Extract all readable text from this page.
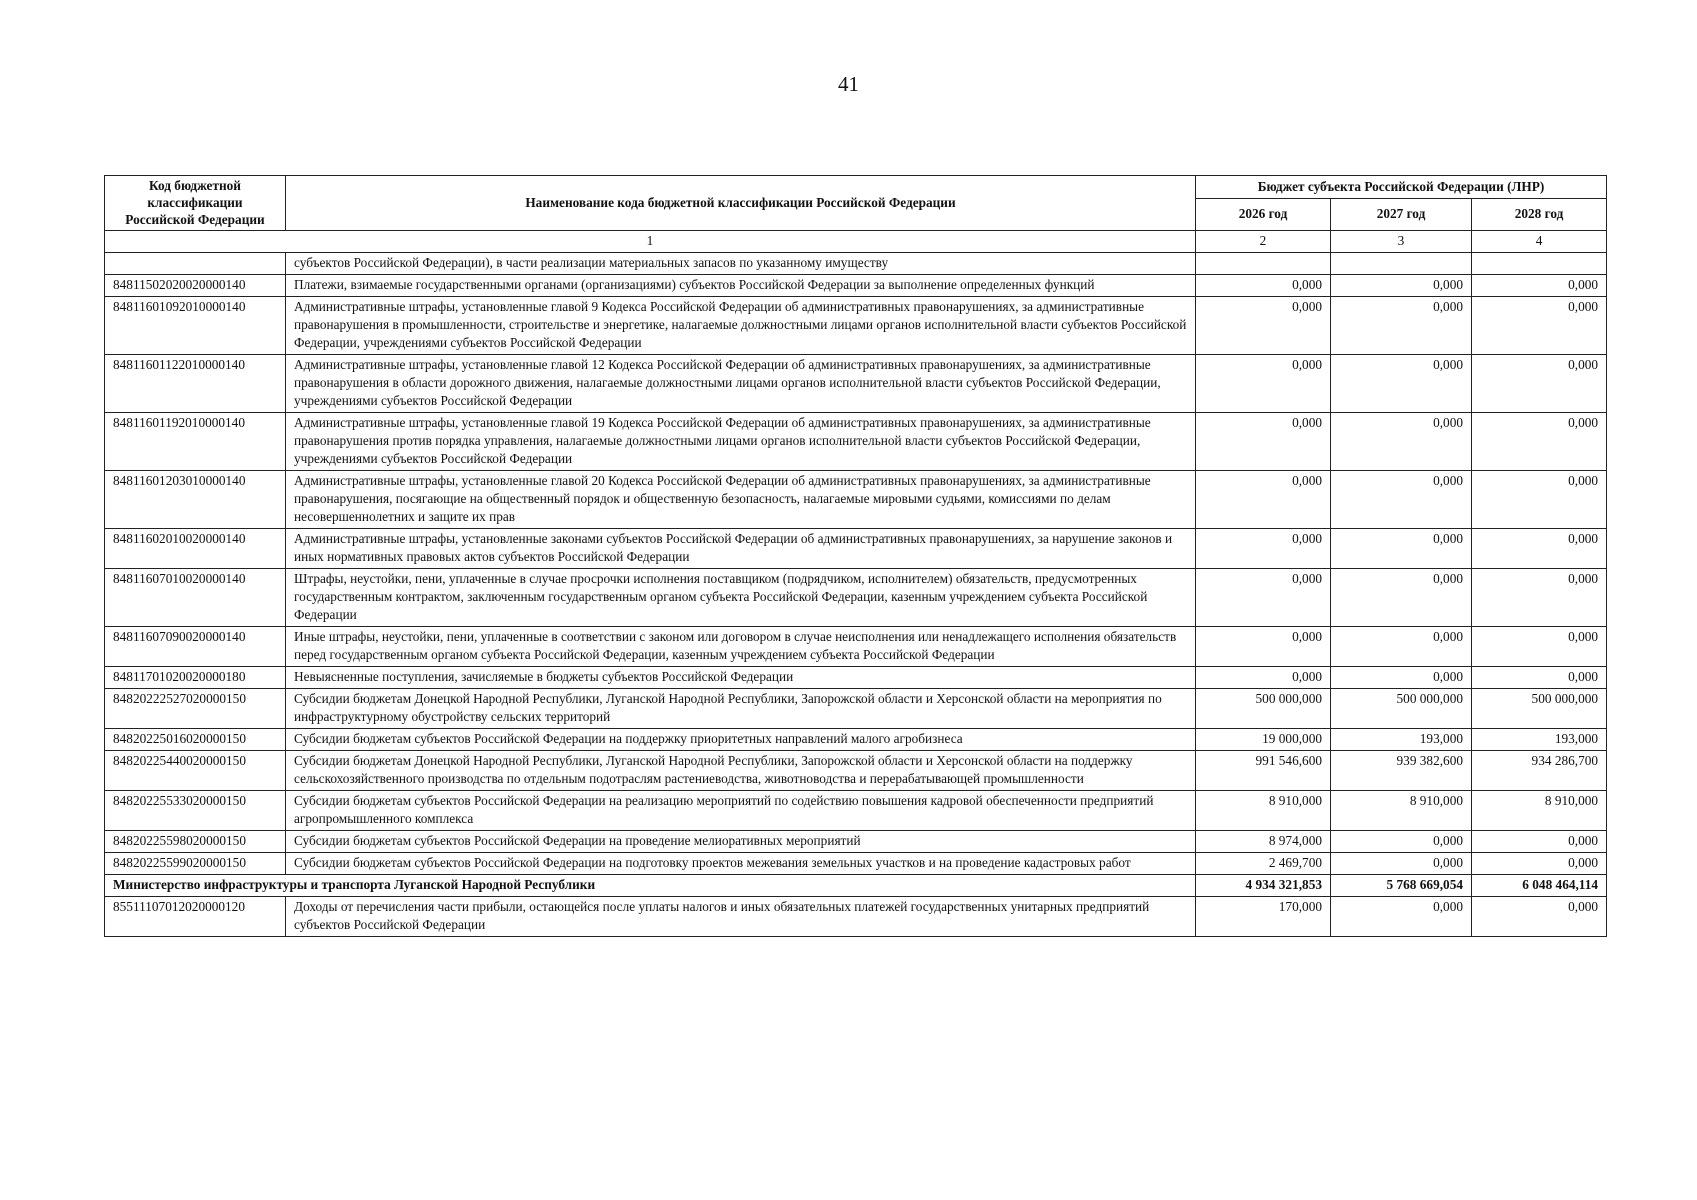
41
Код бюджетной классификации Российской Федерации	Наименование кода бюджетной классификации Российской Федерации	Бюджет субъекта Российской Федерации (ЛНР)		
		2026 год	2027 год	2028 год
1		2	3	4
	субъектов Российской Федерации), в части реализации материальных запасов по указанному имуществу			
84811502020020000140	Платежи, взимаемые государственными органами (организациями) субъектов Российской Федерации за выполнение определенных функций	0,000	0,000	0,000
84811601092010000140	Административные штрафы, установленные главой 9 Кодекса Российской Федерации об административных правонарушениях, за административные правонарушения в промышленности, строительстве и энергетике, налагаемые должностными лицами органов исполнительной власти субъектов Российской Федерации, учреждениями субъектов Российской Федерации	0,000	0,000	0,000
84811601122010000140	Административные штрафы, установленные главой 12 Кодекса Российской Федерации об административных правонарушениях, за административные правонарушения в области дорожного движения, налагаемые должностными лицами органов исполнительной власти субъектов Российской Федерации, учреждениями субъектов Российской Федерации	0,000	0,000	0,000
84811601192010000140	Административные штрафы, установленные главой 19 Кодекса Российской Федерации об административных правонарушениях, за административные правонарушения против порядка управления, налагаемые должностными лицами органов исполнительной власти субъектов Российской Федерации, учреждениями субъектов Российской Федерации	0,000	0,000	0,000
84811601203010000140	Административные штрафы, установленные главой 20 Кодекса Российской Федерации об административных правонарушениях, за административные правонарушения, посягающие на общественный порядок и общественную безопасность, налагаемые мировыми судьями, комиссиями по делам несовершеннолетних и защите их прав	0,000	0,000	0,000
84811602010020000140	Административные штрафы, установленные законами субъектов Российской Федерации об административных правонарушениях, за нарушение законов и иных нормативных правовых актов субъектов Российской Федерации	0,000	0,000	0,000
84811607010020000140	Штрафы, неустойки, пени, уплаченные в случае просрочки исполнения поставщиком (подрядчиком, исполнителем) обязательств, предусмотренных государственным контрактом, заключенным государственным органом субъекта Российской Федерации, казенным учреждением субъекта Российской Федерации	0,000	0,000	0,000
84811607090020000140	Иные штрафы, неустойки, пени, уплаченные в соответствии с законом или договором в случае неисполнения или ненадлежащего исполнения обязательств перед государственным органом субъекта Российской Федерации, казенным учреждением субъекта Российской Федерации	0,000	0,000	0,000
84811701020020000180	Невыясненные поступления, зачисляемые в бюджеты субъектов Российской Федерации	0,000	0,000	0,000
84820222527020000150	Субсидии бюджетам Донецкой Народной Республики, Луганской Народной Республики, Запорожской области и Херсонской области на мероприятия по инфраструктурному обустройству сельских территорий	500 000,000	500 000,000	500 000,000
84820225016020000150	Субсидии бюджетам субъектов Российской Федерации на поддержку приоритетных направлений малого агробизнеса	19 000,000	193,000	193,000
84820225440020000150	Субсидии бюджетам Донецкой Народной Республики, Луганской Народной Республики, Запорожской области и Херсонской области на поддержку сельскохозяйственного производства по отдельным подотраслям растениеводства, животноводства и перерабатывающей промышленности	991 546,600	939 382,600	934 286,700
84820225533020000150	Субсидии бюджетам субъектов Российской Федерации на реализацию мероприятий по содействию повышения кадровой обеспеченности предприятий агропромышленного комплекса	8 910,000	8 910,000	8 910,000
84820225598020000150	Субсидии бюджетам субъектов Российской Федерации на проведение мелиоративных мероприятий	8 974,000	0,000	0,000
84820225599020000150	Субсидии бюджетам субъектов Российской Федерации на подготовку проектов межевания земельных участков и на проведение кадастровых работ	2 469,700	0,000	0,000
Министерство инфраструктуры и транспорта Луганской Народной Республики		4 934 321,853	5 768 669,054	6 048 464,114
85511107012020000120	Доходы от перечисления части прибыли, остающейся после уплаты налогов и иных обязательных платежей государственных унитарных предприятий субъектов Российской Федерации	170,000	0,000	0,000
